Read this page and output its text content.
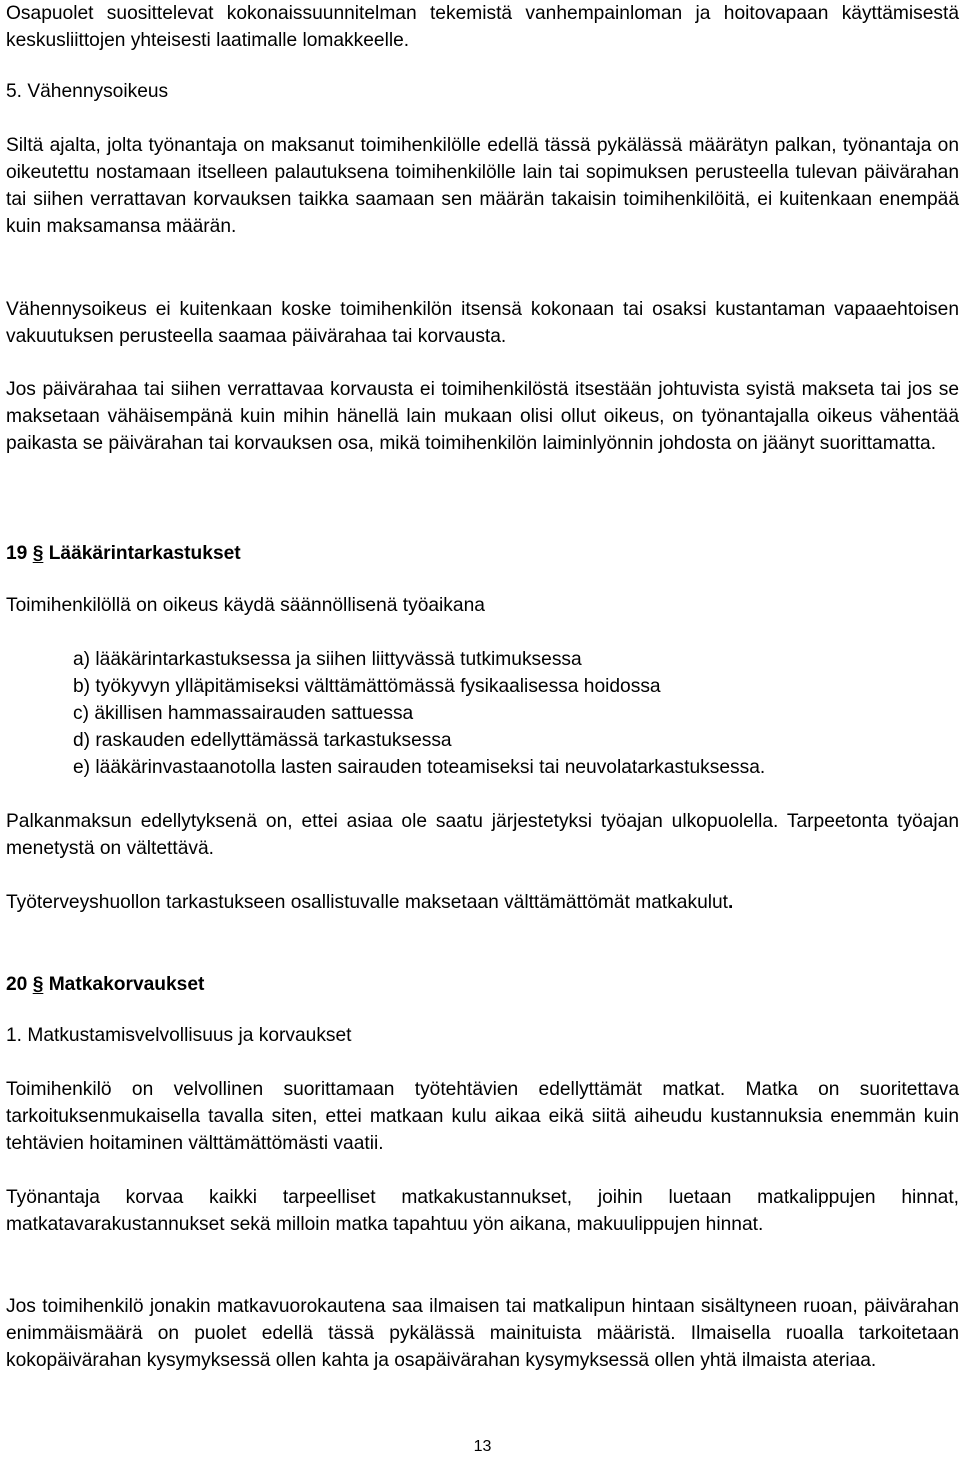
Osapuolet suosittelevat kokonaissuunnitelman tekemistä vanhempainloman ja hoitovapaan käyttämisestä keskusliittojen yhteisesti laatimalle lomakkeelle.

5. Vähennysoikeus

Siltä ajalta, jolta työnantaja on maksanut toimihenkilölle edellä tässä pykälässä määrätyn palkan, työnantaja on oikeutettu nostamaan itselleen palautuksena toimihenkilölle lain tai sopimuksen perusteella tulevan päivärahan tai siihen verrattavan korvauksen taikka saamaan sen määrän takaisin toimihenkilöitä, ei kuitenkaan enempää kuin maksamansa määrän.

Vähennysoikeus ei kuitenkaan koske toimihenkilön itsensä kokonaan tai osaksi kustantaman vapaaehtoisen vakuutuksen perusteella saamaa päivärahaa tai korvausta.

Jos päivärahaa tai siihen verrattavaa korvausta ei toimihenkilöstä itsestään johtuvista syistä makseta tai jos se maksetaan vähäisempänä kuin mihin hänellä lain mukaan olisi ollut oikeus, on työnantajalla oikeus vähentää paikasta se päivärahan tai korvauksen osa, mikä toimihenkilön laiminlyönnin johdosta on jäänyt suorittamatta.

19 § Lääkärintarkastukset

Toimihenkilöllä on oikeus käydä säännöllisenä työaikana

a) lääkärintarkastuksessa ja siihen liittyvässä tutkimuksessa
b) työkyvyn ylläpitämiseksi välttämättömässä fysikaalisessa hoidossa
c) äkillisen hammassairauden sattuessa
d) raskauden edellyttämässä tarkastuksessa
e) lääkärinvastaanotolla lasten sairauden toteamiseksi tai neuvolatarkastuksessa.

Palkanmaksun edellytyksenä on, ettei asiaa ole saatu järjestetyksi työajan ulkopuolella. Tarpeetonta työajan menetystä on vältettävä.

Työterveyshuollon tarkastukseen osallistuvalle maksetaan välttämättömät matkakulut.

20 § Matkakorvaukset

1. Matkustamisvelvollisuus ja korvaukset

Toimihenkilö on velvollinen suorittamaan työtehtävien edellyttämät matkat. Matka on suoritettava tarkoituksenmukaisella tavalla siten, ettei matkaan kulu aikaa eikä siitä aiheudu kustannuksia enemmän kuin tehtävien hoitaminen välttämättömästi vaatii.

Työnantaja korvaa kaikki tarpeelliset matkakustannukset, joihin luetaan matkalippujen hinnat, matkatavarakustannukset sekä milloin matka tapahtuu yön aikana, makuulippujen hinnat.

Jos toimihenkilö jonakin matkavuorokautena saa ilmaisen tai matkalipun hintaan sisältyneen ruoan, päivärahan enimmäismäärä on puolet edellä tässä pykälässä mainituista määristä. Ilmaisella ruoalla tarkoitetaan kokopäivärahan kysymyksessä ollen kahta ja osapäivärahan kysymyksessä ollen yhtä ilmaista ateriaa.

13
